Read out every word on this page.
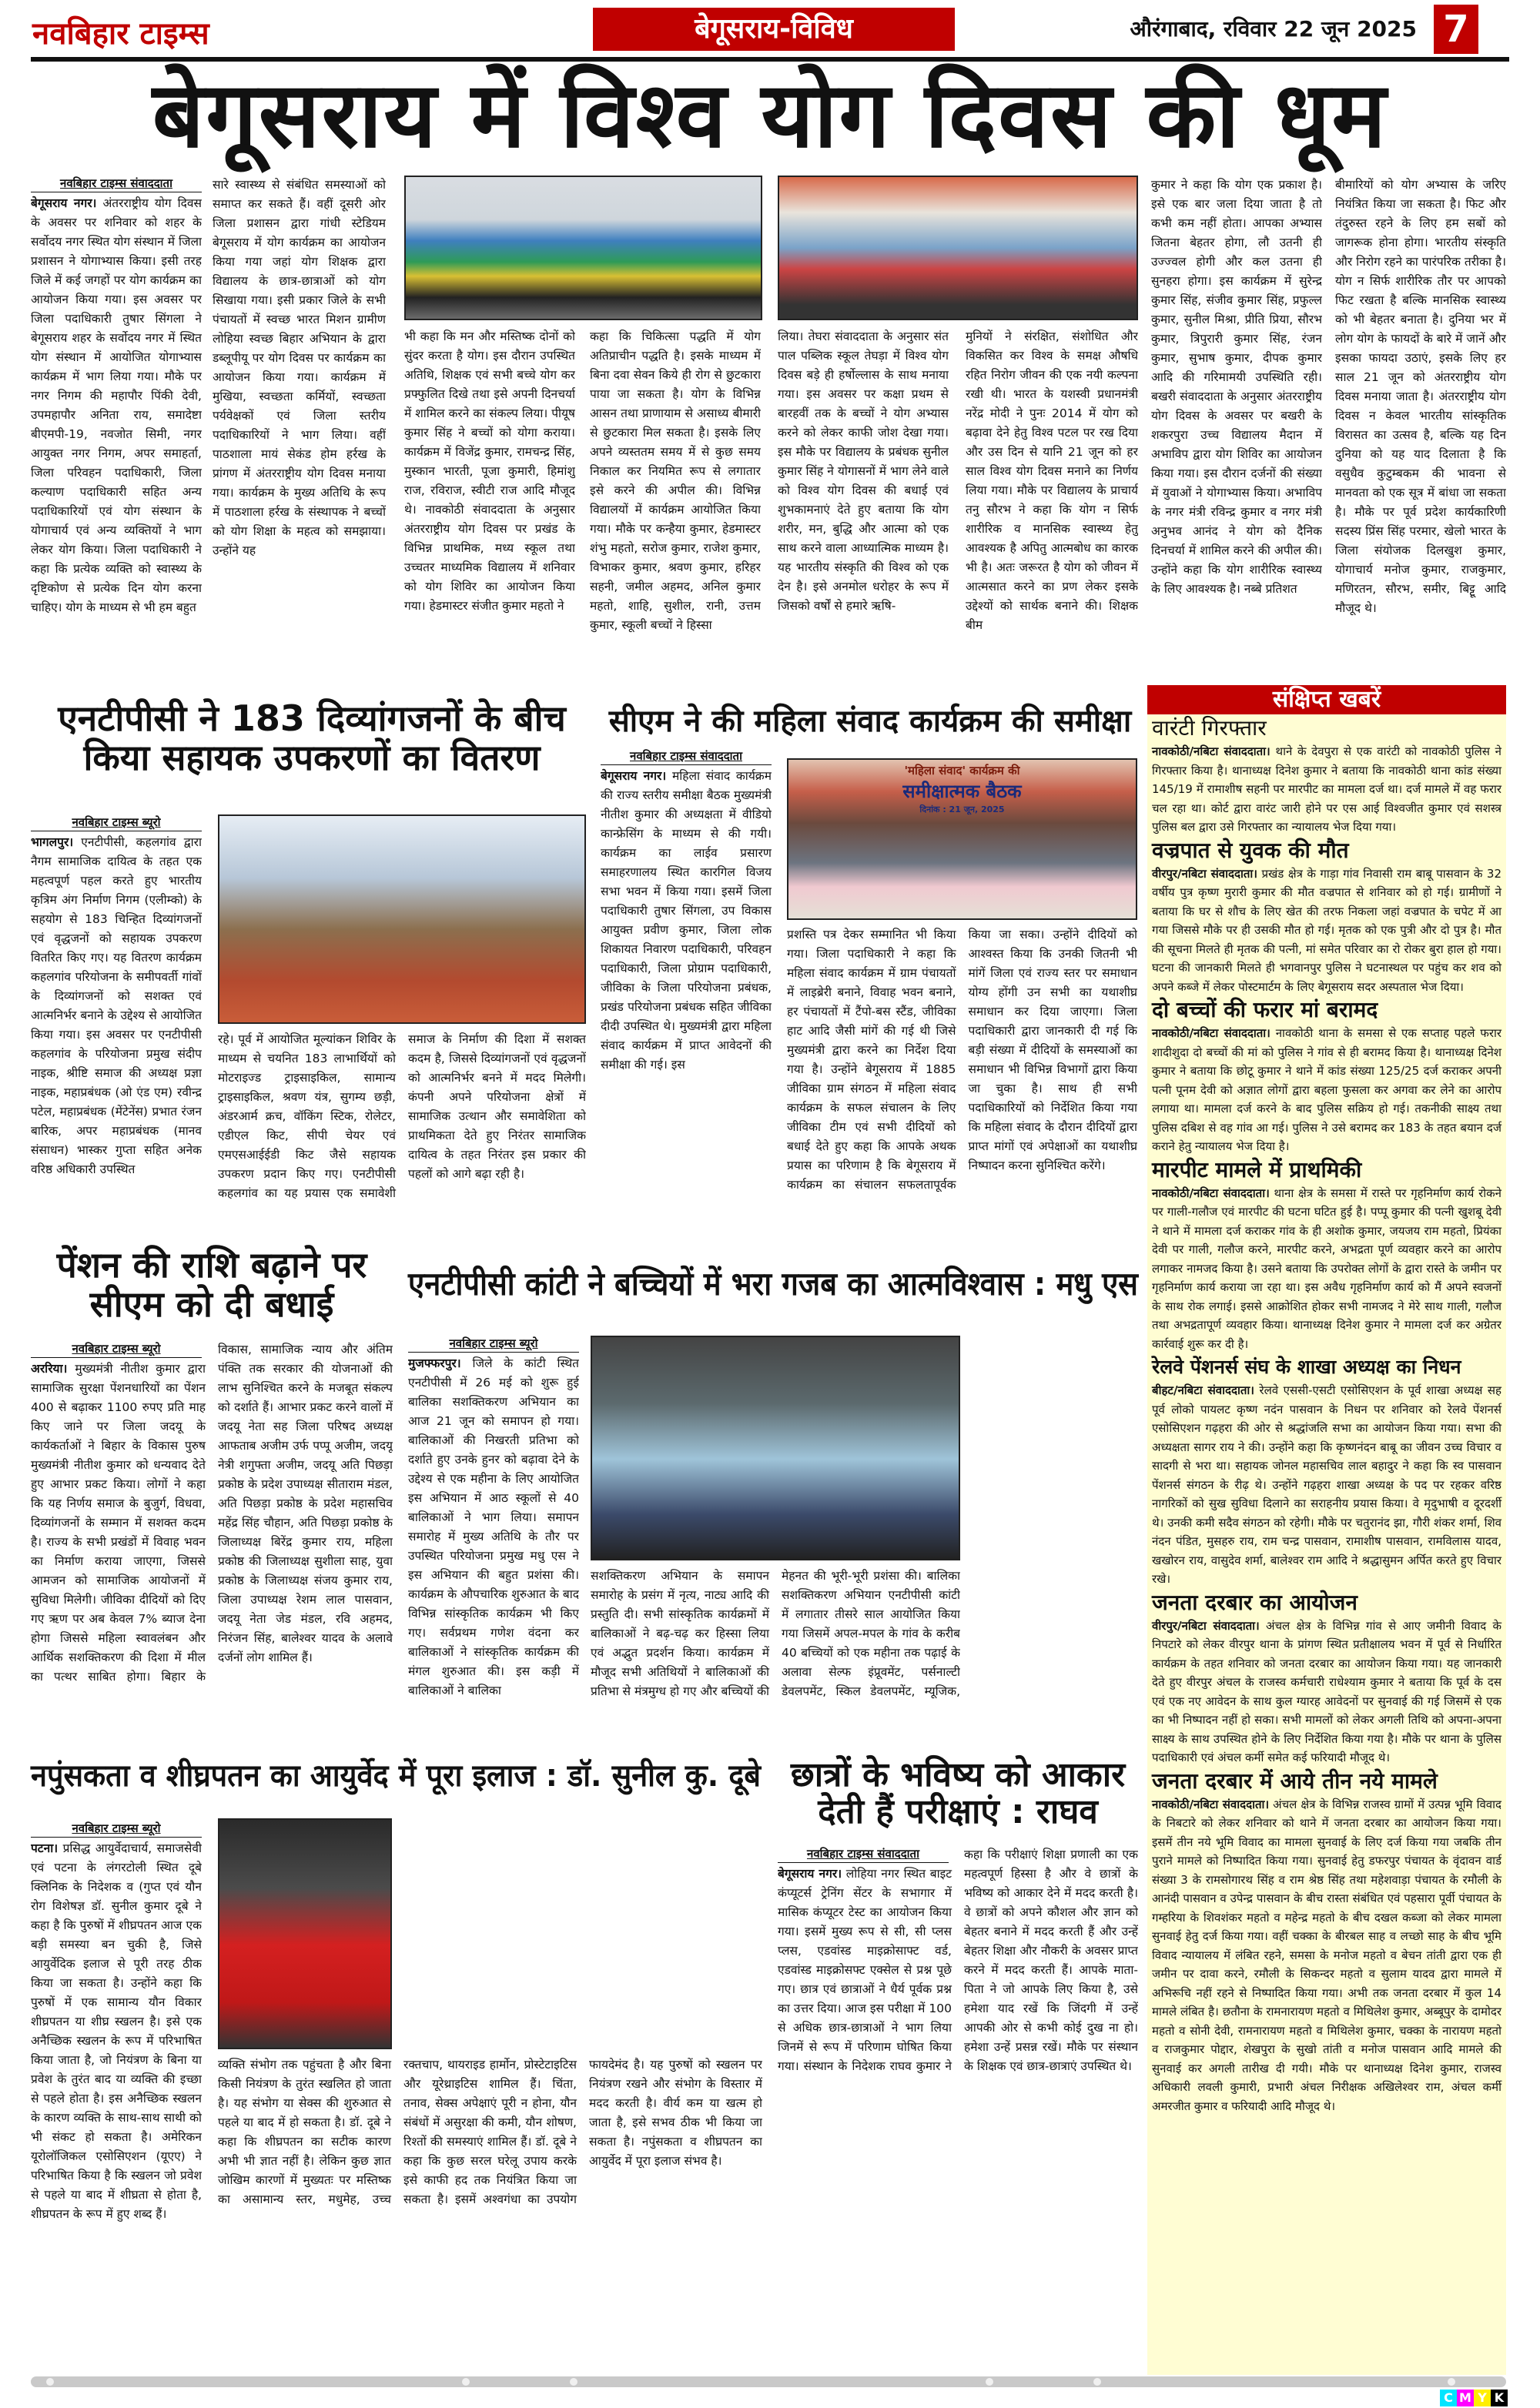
नवबिहार टाइम्स	बेगूसराय-विविध	औरंगाबाद, रविवार 22 जून 2025 7
बेगूसराय में विश्व योग दिवस की धूम
नवबिहार टाइम्स संवाददाता
बेगूसराय नगर। अंतरराष्ट्रीय योग दिवस के अवसर पर शनिवार को शहर के सर्वोदय नगर स्थित योग संस्थान में जिला प्रशासन ने योगाभ्यास किया। इसी तरह जिले में कई जगहों पर योग कार्यक्रम का आयोजन किया गया। इस अवसर पर जिला पदाधिकारी तुषार सिंगला ने बेगूसराय शहर के सर्वोदय नगर में स्थित योग संस्थान में आयोजित योगाभ्यास कार्यक्रम में भाग लिया गया। मौके पर नगर निगम की महापौर पिंकी देवी, उपमहापौर अनिता राय, समादेष्टा बीएमपी-19, नवजोत सिमी, नगर आयुक्त नगर निगम, अपर समाहर्ता, जिला परिवहन पदाधिकारी, जिला कल्याण पदाधिकारी सहित अन्य पदाधिकारियों एवं योग संस्थान के योगाचार्य एवं अन्य व्यक्तियों ने भाग लेकर योग किया। जिला पदाधिकारी ने कहा कि प्रत्येक व्यक्ति को स्वास्थ्य के दृष्टिकोण से प्रत्येक दिन योग करना चाहिए। योग के माध्यम से भी हम बहुत
सारे स्वास्थ्य से संबंधित समस्याओं को समाप्त कर सकते हैं। वहीं दूसरी ओर जिला प्रशासन द्वारा गांधी स्टेडियम बेगूसराय में योग कार्यक्रम का आयोजन किया गया जहां योग शिक्षक द्वारा विद्यालय के छात्र-छात्राओं को योग सिखाया गया। इसी प्रकार जिले के सभी पंचायतों में स्वच्छ भारत मिशन ग्रामीण लोहिया स्वच्छ बिहार अभियान के द्वारा डब्लूपीयू पर योग दिवस पर कार्यक्रम का आयोजन किया गया। कार्यक्रम में मुखिया, स्वच्छता कर्मियों, स्वच्छता पर्यवेक्षकों एवं जिला स्तरीय पदाधिकारियों ने भाग लिया। वहीं पाठशाला मायं सेकंड होम हर्रख के प्रांगण में अंतरराष्ट्रीय योग दिवस मनाया गया। कार्यक्रम के मुख्य अतिथि के रूप में पाठशाला हर्रख के संस्थापक ने बच्चों को योग शिक्षा के महत्व को समझाया। उन्होंने यह
भी कहा कि मन और मस्तिष्क दोनों को सुंदर करता है योग। इस दौरान उपस्थित अतिथि, शिक्षक एवं सभी बच्चे योग कर प्रफ्फुलित दिखे तथा इसे अपनी दिनचर्या में शामिल करने का संकल्प लिया। पीयूष कुमार सिंह ने बच्चों को योगा कराया। कार्यक्रम में विजेंद्र कुमार, रामचन्द्र सिंह, मुस्कान भारती, पूजा कुमारी, हिमांशु राज, रविराज, स्वीटी राज आदि मौजूद थे। नावकोठी संवाददाता के अनुसार अंतरराष्ट्रीय योग दिवस पर प्रखंड के विभिन्न प्राथमिक, मध्य स्कूल तथा उच्चतर माध्यमिक विद्यालय में शनिवार को योग शिविर का आयोजन किया गया। हेडमास्टर संजीत कुमार महतो ने
कहा कि चिकित्सा पद्धति में योग अतिप्राचीन पद्धति है। इसके माध्यम में बिना दवा सेवन किये ही रोग से छुटकारा पाया जा सकता है। योग के विभिन्न आसन तथा प्राणायाम से असाध्य बीमारी से छुटकारा मिल सकता है। इसके लिए अपने व्यस्ततम समय में से कुछ समय निकाल कर नियमित रूप से लगातार इसे करने की अपील की। विभिन्न विद्यालयों में कार्यक्रम आयोजित किया गया। मौके पर कन्हैया कुमार, हेडमास्टर शंभु महतो, सरोज कुमार, राजेश कुमार, विभाकर कुमार, श्रवण कुमार, हरिहर सहनी, जमील अहमद, अनिल कुमार महतो, शाहि, सुशील, रानी, उत्तम कुमार, स्कूली बच्चों ने हिस्सा
लिया। तेघरा संवाददाता के अनुसार संत पाल पब्लिक स्कूल तेघड़ा में विश्व योग दिवस बड़े ही हर्षोल्लास के साथ मनाया गया। इस अवसर पर कक्षा प्रथम से बारहवीं तक के बच्चों ने योग अभ्यास करने को लेकर काफी जोश देखा गया। इस मौके पर विद्यालय के प्रबंधक सुनील कुमार सिंह ने योगासनों में भाग लेने वाले को विश्व योग दिवस की बधाई एवं शुभकामनाएं देते हुए बताया कि योग शरीर, मन, बुद्धि और आत्मा को एक साथ करने वाला आध्यात्मिक माध्यम है। यह भारतीय संस्कृति की विश्व को एक देन है। इसे अनमोल धरोहर के रूप में जिसको वर्षों से हमारे ऋषि-
मुनियों ने संरक्षित, संशोधित और विकसित कर विश्व के समक्ष औषधि रहित निरोग जीवन की एक नयी कल्पना रखी थी। भारत के यशस्वी प्रधानमंत्री नरेंद्र मोदी ने पुनः 2014 में योग को बढ़ावा देने हेतु विश्व पटल पर रख दिया और उस दिन से यानि 21 जून को हर साल विश्व योग दिवस मनाने का निर्णय लिया गया। मौके पर विद्यालय के प्राचार्य तनु सौरभ ने कहा कि योग न सिर्फ शारीरिक व मानसिक स्वास्थ्य हेतु आवश्यक है अपितु आत्मबोध का कारक भी है। अतः जरूरत है योग को जीवन में आत्मसात करने का प्रण लेकर इसके उद्देश्यों को सार्थक बनाने की। शिक्षक बीम
कुमार ने कहा कि योग एक प्रकाश है। इसे एक बार जला दिया जाता है तो कभी कम नहीं होता। आपका अभ्यास जितना बेहतर होगा, लौ उतनी ही उज्ज्वल होगी और कल उतना ही सुनहरा होगा। इस कार्यक्रम में सुरेन्द्र कुमार सिंह, संजीव कुमार सिंह, प्रफुल्ल कुमार, सुनील मिश्रा, प्रीति प्रिया, सौरभ कुमार, त्रिपुरारी कुमार सिंह, रंजन कुमार, सुभाष कुमार, दीपक कुमार आदि की गरिमामयी उपस्थिति रही। बखरी संवाददाता के अनुसार अंतरराष्ट्रीय योग दिवस के अवसर पर बखरी के शकरपुरा उच्च विद्यालय मैदान में अभाविप द्वारा योग शिविर का आयोजन किया गया। इस दौरान दर्जनों की संख्या में युवाओं ने योगाभ्यास किया। अभाविप के नगर मंत्री रविन्द्र कुमार व नगर मंत्री अनुभव आनंद ने योग को दैनिक दिनचर्या में शामिल करने की अपील की। उन्होंने कहा कि योग शारीरिक स्वास्थ्य के लिए आवश्यक है। नब्बे प्रतिशत
बीमारियों को योग अभ्यास के जरिए नियंत्रित किया जा सकता है। फिट और तंदुरुस्त रहने के लिए हम सबों को जागरूक होना होगा। भारतीय संस्कृति और निरोग रहने का पारंपरिक तरीका है। योग न सिर्फ शारीरिक तौर पर आपको फिट रखता है बल्कि मानसिक स्वास्थ्य को भी बेहतर बनाता है। दुनिया भर में लोग योग के फायदों के बारे में जानें और इसका फायदा उठाएं, इसके लिए हर साल 21 जून को अंतरराष्ट्रीय योग दिवस मनाया जाता है। अंतरराष्ट्रीय योग दिवस न केवल भारतीय सांस्कृतिक विरासत का उत्सव है, बल्कि यह दिन दुनिया को यह याद दिलाता है कि वसुधैव कुटुम्बकम की भावना से मानवता को एक सूत्र में बांधा जा सकता है। मौके पर पूर्व प्रदेश कार्यकारिणी सदस्य प्रिंस सिंह परमार, खेलो भारत के जिला संयोजक दिलखुश कुमार, योगाचार्य मनोज कुमार, राजकुमार, मणिरतन, सौरभ, समीर, बिट्टू आदि मौजूद थे।
एनटीपीसी ने 183 दिव्यांगजनों के बीच
किया सहायक उपकरणों का वितरण
नवबिहार टाइम्स ब्यूरो
भागलपुर। एनटीपीसी, कहलगांव द्वारा नैगम सामाजिक दायित्व के तहत एक महत्वपूर्ण पहल करते हुए भारतीय कृत्रिम अंग निर्माण निगम (एलीम्को) के सहयोग से 183 चिन्हित दिव्यांगजनों एवं वृद्धजनों को सहायक उपकरण वितरित किए गए। यह वितरण कार्यक्रम कहलगांव परियोजना के समीपवर्ती गांवों के दिव्यांगजनों को सशक्त एवं आत्मनिर्भर बनाने के उद्देश्य से आयोजित किया गया। इस अवसर पर एनटीपीसी कहलगांव के परियोजना प्रमुख संदीप नाइक, श्रीष्टि समाज की अध्यक्ष प्रज्ञा नाइक, महाप्रबंधक (ओ एंड एम) रवीन्द्र पटेल, महाप्रबंधक (मेंटेनेंस) प्रभात रंजन बारिक, अपर महाप्रबंधक (मानव संसाधन) भास्कर गुप्ता सहित अनेक वरिष्ठ अधिकारी उपस्थित
रहे। पूर्व में आयोजित मूल्यांकन शिविर के माध्यम से चयनित 183 लाभार्थियों को मोटराइज्ड ट्राइसाइकिल, सामान्य ट्राइसाइकिल, श्रवण यंत्र, सुगम्य छड़ी, अंडरआर्म क्रच, वॉकिंग स्टिक, रोलेटर, एडीएल किट, सीपी चेयर एवं एमएसआईईडी किट जैसे सहायक उपकरण प्रदान किए गए। एनटीपीसी कहलगांव का यह प्रयास एक समावेशी समाज के निर्माण की दिशा में सशक्त कदम है, जिससे दिव्यांगजनों एवं वृद्धजनों को आत्मनिर्भर बनने में मदद मिलेगी। कंपनी अपने परियोजना क्षेत्रों में सामाजिक उत्थान और समावेशिता को प्राथमिकता देते हुए निरंतर सामाजिक दायित्व के तहत निरंतर इस प्रकार की पहलों को आगे बढ़ा रही है।
सीएम ने की महिला संवाद कार्यक्रम की समीक्षा
नवबिहार टाइम्स संवाददाता
बेगूसराय नगर। महिला संवाद कार्यक्रम की राज्य स्तरीय समीक्षा बैठक मुख्यमंत्री नीतीश कुमार की अध्यक्षता में वीडियो कान्फ्रेसिंग के माध्यम से की गयी। कार्यक्रम का लाईव प्रसारण समाहरणालय स्थित कारगिल विजय सभा भवन में किया गया। इसमें जिला पदाधिकारी तुषार सिंगला, उप विकास आयुक्त प्रवीण कुमार, जिला लोक शिकायत निवारण पदाधिकारी, परिवहन पदाधिकारी, जिला प्रोग्राम पदाधिकारी, जीविका के जिला परियोजना प्रबंधक, प्रखंड परियोजना प्रबंधक सहित जीविका दीदी उपस्थित थे। मुख्यमंत्री द्वारा महिला संवाद कार्यक्रम में प्राप्त आवेदनों की समीक्षा की गई। इस
'महिला संवाद' कार्यक्रम की
समीक्षात्मक बैठक
दिनांक : 21 जून, 2025
प्रशस्ति पत्र देकर सम्मानित भी किया गया। जिला पदाधिकारी ने कहा कि महिला संवाद कार्यक्रम में ग्राम पंचायतों में लाइब्रेरी बनाने, विवाह भवन बनाने, हर पंचायतों में टैंपो-बस स्टैंड, जीविका हाट आदि जैसी मांगें की गई थी जिसे मुख्यमंत्री द्वारा करने का निर्देश दिया गया है। उन्होंने बेगूसराय में 1885 जीविका ग्राम संगठन में महिला संवाद कार्यक्रम के सफल संचालन के लिए जीविका टीम एवं सभी दीदियों को बधाई देते हुए कहा कि आपके अथक प्रयास का परिणाम है कि बेगूसराय में कार्यक्रम का संचालन सफलतापूर्वक किया जा सका। उन्होंने दीदियों को आश्वस्त किया कि उनकी जितनी भी मांगें जिला एवं राज्य स्तर पर समाधान योग्य होंगी उन सभी का यथाशीघ्र समाधान कर दिया जाएगा। जिला पदाधिकारी द्वारा जानकारी दी गई कि बड़ी संख्या में दीदियों के समस्याओं का समाधान भी विभिन्न विभागों द्वारा किया जा चुका है। साथ ही सभी पदाधिकारियों को निर्देशित किया गया कि महिला संवाद के दौरान दीदियों द्वारा प्राप्त मांगों एवं अपेक्षाओं का यथाशीघ्र निष्पादन करना सुनिश्चित करेंगे।
पेंशन की राशि बढ़ाने पर
सीएम को दी बधाई
नवबिहार टाइम्स ब्यूरो
अररिया। मुख्यमंत्री नीतीश कुमार द्वारा सामाजिक सुरक्षा पेंशनधारियों का पेंशन 400 से बढ़ाकर 1100 रुपए प्रति माह किए जाने पर जिला जदयू के कार्यकर्ताओं ने बिहार के विकास पुरुष मुख्यमंत्री नीतीश कुमार को धन्यवाद देते हुए आभार प्रकट किया। लोगों ने कहा कि यह निर्णय समाज के बुजुर्ग, विधवा, दिव्यांगजनों के सम्मान में सशक्त कदम है। राज्य के सभी प्रखंडों में विवाह भवन का निर्माण कराया जाएगा, जिससे आमजन को सामाजिक आयोजनों में सुविधा मिलेगी। जीविका दीदियों को दिए गए ऋण पर अब केवल 7% ब्याज देना होगा जिससे महिला स्वावलंबन और आर्थिक सशक्तिकरण की दिशा में मील का पत्थर साबित होगा। बिहार के विकास, सामाजिक न्याय और अंतिम पंक्ति तक सरकार की योजनाओं की लाभ सुनिश्चित करने के मजबूत संकल्प को दर्शाते हैं। आभार प्रकट करने वालों में जदयू नेता सह जिला परिषद अध्यक्ष आफताब अजीम उर्फ पप्पू अजीम, जदयू नेत्री शगुफ्ता अजीम, जदयू अति पिछड़ा प्रकोष्ठ के प्रदेश उपाध्यक्ष सीताराम मंडल, अति पिछड़ा प्रकोष्ठ के प्रदेश महासचिव महेंद्र सिंह चौहान, अति पिछड़ा प्रकोष्ठ के जिलाध्यक्ष बिरेंद्र कुमार राय, महिला प्रकोष्ठ की जिलाध्यक्ष सुशीला साह, युवा प्रकोष्ठ के जिलाध्यक्ष संजय कुमार राय, जिला उपाध्यक्ष रेशम लाल पासवान, जदयू नेता जेड मंडल, रवि अहमद, निरंजन सिंह, बालेश्वर यादव के अलावे दर्जनों लोग शामिल हैं।
एनटीपीसी कांटी ने बच्चियों में भरा गजब का आत्मविश्वास : मधु एस
नवबिहार टाइम्स ब्यूरो
मुजफ्फरपुर। जिले के कांटी स्थित एनटीपीसी में 26 मई को शुरू हुई बालिका सशक्तिकरण अभियान का आज 21 जून को समापन हो गया। बालिकाओं की निखरती प्रतिभा को दर्शाते हुए उनके हुनर को बढ़ावा देने के उद्देश्य से एक महीना के लिए आयोजित इस अभियान में आठ स्कूलों से 40 बालिकाओं ने भाग लिया। समापन समारोह में मुख्य अतिथि के तौर पर उपस्थित परियोजना प्रमुख मधु एस ने इस अभियान की बहुत प्रशंसा की। कार्यक्रम के औपचारिक शुरुआत के बाद विभिन्न सांस्कृतिक कार्यक्रम भी किए गए। सर्वप्रथम गणेश वंदना कर बालिकाओं ने सांस्कृतिक कार्यक्रम की मंगल शुरुआत की। इस कड़ी में बालिकाओं ने बालिका
सशक्तिकरण अभियान के समापन समारोह के प्रसंग में नृत्य, नाट्य आदि की प्रस्तुति दी। सभी सांस्कृतिक कार्यक्रमों में बालिकाओं ने बढ़-चढ़ कर हिस्सा लिया एवं अद्भुत प्रदर्शन किया। कार्यक्रम में मौजूद सभी अतिथियों ने बालिकाओं की प्रतिभा से मंत्रमुग्ध हो गए और बच्चियों की मेहनत की भूरी-भूरी प्रशंसा की। बालिका सशक्तिकरण अभियान एनटीपीसी कांटी में लगातार तीसरे साल आयोजित किया गया जिसमें अपल-मपल के गांव के करीब 40 बच्चियों को एक महीना तक पढ़ाई के अलावा सेल्फ इंप्रूवमेंट, पर्सनाल्टी डेवलपमेंट, स्किल डेवलपमेंट, म्यूजिक,
नपुंसकता व शीघ्रपतन का आयुर्वेद में पूरा इलाज : डॉ. सुनील कु. दूबे
नवबिहार टाइम्स ब्यूरो
पटना। प्रसिद्ध आयुर्वेदाचार्य, समाजसेवी एवं पटना के लंगरटोली स्थित दूबे क्लिनिक के निदेशक व (गुप्त एवं यौन रोग विशेषज्ञ डॉ. सुनील कुमार दूबे ने कहा है कि पुरुषों में शीघ्रपतन आज एक बड़ी समस्या बन चुकी है, जिसे आयुर्वेदिक इलाज से पूरी तरह ठीक किया जा सकता है। उन्होंने कहा कि पुरुषों में एक सामान्य यौन विकार शीघ्रपतन या शीघ्र स्खलन है। इसे एक अनैच्छिक स्खलन के रूप में परिभाषित किया जाता है, जो नियंत्रण के बिना या प्रवेश के तुरंत बाद या व्यक्ति की इच्छा से पहले होता है। इस अनैच्छिक स्खलन के कारण व्यक्ति के साथ-साथ साथी को भी संकट हो सकता है। अमेरिकन यूरोलॉजिकल एसोसिएशन (यूएए) ने परिभाषित किया है कि स्खलन जो प्रवेश से पहले या बाद में शीघ्रता से होता है, शीघ्रपतन के रूप में हुए शब्द हैं।
व्यक्ति संभोग तक पहुंचता है और बिना किसी नियंत्रण के तुरंत स्खलित हो जाता है। यह संभोग या सेक्स की शुरुआत से पहले या बाद में हो सकता है। डॉ. दूबे ने कहा कि शीघ्रपतन का सटीक कारण अभी भी ज्ञात नहीं है। लेकिन कुछ ज्ञात जोखिम कारणों में मुख्यतः पर मस्तिष्क का असामान्य स्तर, मधुमेह, उच्च रक्तचाप, थायराइड हार्मोन, प्रोस्टेटाइटिस और यूरेथ्राइटिस शामिल हैं। चिंता, तनाव, सेक्स अपेक्षाएं पूरी न होना, यौन संबंधों में असुरक्षा की कमी, यौन शोषण, रिश्तों की समस्याएं शामिल हैं। डॉ. दूबे ने कहा कि कुछ सरल घरेलू उपाय करके इसे काफी हद तक नियंत्रित किया जा सकता है। इसमें अश्वगंधा का उपयोग फायदेमंद है। यह पुरुषों को स्खलन पर नियंत्रण रखने और संभोग के विस्तार में मदद करती है। वीर्य कम या खत्म हो जाता है, इसे सभव ठीक भी किया जा सकता है। नपुंसकता व शीघ्रपतन का आयुर्वेद में पूरा इलाज संभव है।
छात्रों के भविष्य को आकार
देती हैं परीक्षाएं : राघव
नवबिहार टाइम्स संवाददाता
बेगूसराय नगर। लोहिया नगर स्थित बाइट कंप्यूटर्स ट्रेनिंग सेंटर के सभागार में मासिक कंप्यूटर टेस्ट का आयोजन किया गया। इसमें मुख्य रूप से सी, सी प्लस प्लस, एडवांस्ड माइक्रोसाफ्ट वर्ड, एडवांस्ड माइक्रोसफ्ट एक्सेल से प्रश्न पूछे गए। छात्र एवं छात्राओं ने धैर्य पूर्वक प्रश्न का उत्तर दिया। आज इस परीक्षा में 100 से अधिक छात्र-छात्राओं ने भाग लिया जिनमें से रूप में परिणाम घोषित किया गया। संस्थान के निदेशक राघव कुमार ने कहा कि परीक्षाएं शिक्षा प्रणाली का एक महत्वपूर्ण हिस्सा है और वे छात्रों के भविष्य को आकार देने में मदद करती है। वे छात्रों को अपने कौशल और ज्ञान को बेहतर बनाने में मदद करती हैं और उन्हें बेहतर शिक्षा और नौकरी के अवसर प्राप्त करने में मदद करती हैं। आपके माता-पिता ने जो आपके लिए किया है, उसे हमेशा याद रखें कि जिंदगी में उन्हें आपकी ओर से कभी कोई दुख ना हो। हमेशा उन्हें प्रसन्न रखें। मौके पर संस्थान के शिक्षक एवं छात्र-छात्राएं उपस्थित थे।
संक्षिप्त खबरें
वारंटी गिरफ्तार
नावकोठी/नबिटा संवाददाता। थाने के देवपुरा से एक वारंटी को नावकोठी पुलिस ने गिरफ्तार किया है। थानाध्यक्ष दिनेश कुमार ने बताया कि नावकोठी थाना कांड संख्या 145/19 में रामाशीष सहनी पर मारपीट का मामला दर्ज था। दर्ज मामले में वह फरार चल रहा था। कोर्ट द्वारा वारंट जारी होने पर एस आई विश्वजीत कुमार एवं सशस्त्र पुलिस बल द्वारा उसे गिरफ्तार का न्यायालय भेज दिया गया।
वज्रपात से युवक की मौत
वीरपुर/नबिटा संवाददाता। प्रखंड क्षेत्र के गाड़ा गांव निवासी राम बाबू पासवान के 32 वर्षीय पुत्र कृष्ण मुरारी कुमार की मौत वज्रपात से शनिवार को हो गई। ग्रामीणों ने बताया कि घर से शौच के लिए खेत की तरफ निकला जहां वज्रपात के चपेट में आ गया जिससे मौके पर ही उसकी मौत हो गई। मृतक को एक पुत्री और दो पुत्र है। मौत की सूचना मिलते ही मृतक की पत्नी, मां समेत परिवार का रो रोकर बुरा हाल हो गया। घटना की जानकारी मिलते ही भगवानपुर पुलिस ने घटनास्थल पर पहुंच कर शव को अपने कब्जे में लेकर पोस्टमार्टम के लिए बेगूसराय सदर अस्पताल भेज दिया।
दो बच्चों की फरार मां बरामद
नावकोठी/नबिटा संवाददाता। नावकोठी थाना के समसा से एक सप्ताह पहले फरार शादीशुदा दो बच्चों की मां को पुलिस ने गांव से ही बरामद किया है। थानाध्यक्ष दिनेश कुमार ने बताया कि छोटू कुमार ने थाने में कांड संख्या 125/25 दर्ज कराकर अपनी पत्नी पूनम देवी को अज्ञात लोगों द्वारा बहला फुसला कर अगवा कर लेने का आरोप लगाया था। मामला दर्ज करने के बाद पुलिस सक्रिय हो गई। तकनीकी साक्ष्य तथा पुलिस दबिश से वह गांव आ गई। पुलिस ने उसे बरामद कर 183 के तहत बयान दर्ज कराने हेतु न्यायालय भेज दिया है।
मारपीट मामले में प्राथमिकी
नावकोठी/नबिटा संवाददाता। थाना क्षेत्र के समसा में रास्ते पर गृहनिर्माण कार्य रोकने पर गाली-गलौज एवं मारपीट की घटना घटित हुई है। पप्पू कुमार की पत्नी खुशबू देवी ने थाने में मामला दर्ज कराकर गांव के ही अशोक कुमार, जयजय राम महतो, प्रियंका देवी पर गाली, गलौज करने, मारपीट करने, अभद्रता पूर्ण व्यवहार करने का आरोप लगाकर नामजद किया है। उसने बताया कि उपरोक्त लोगों के द्वारा रास्ते के जमीन पर गृहनिर्माण कार्य कराया जा रहा था। इस अवैध गृहनिर्माण कार्य को मैं अपने स्वजनों के साथ रोक लगाई। इससे आक्रोशित होकर सभी नामजद ने मेरे साथ गाली, गलौज तथा अभद्रतापूर्ण व्यवहार किया। थानाध्यक्ष दिनेश कुमार ने मामला दर्ज कर अग्रेतर कार्रवाई शुरू कर दी है।
रेलवे पेंशनर्स संघ के शाखा अध्यक्ष का निधन
बीहट/नबिटा संवाददाता। रेलवे एससी-एसटी एसोसिएशन के पूर्व शाखा अध्यक्ष सह पूर्व लोको पायलट कृष्ण नदंन पासवान के निधन पर शनिवार को रेलवे पेंशनर्स एसोसिएशन गढ़हरा की ओर से श्रद्धांजलि सभा का आयोजन किया गया। सभा की अध्यक्षता सागर राय ने की। उन्होंने कहा कि कृष्णनंदन बाबू का जीवन उच्च विचार व सादगी से भरा था। सहायक जोनल महासचिव लाल बहादुर ने कहा कि स्व पासवान पेंशनर्स संगठन के रीढ़ थे। उन्होंने गढ़हरा शाखा अध्यक्ष के पद पर रहकर वरिष्ठ नागरिकों को सुख सुविधा दिलाने का सराहनीय प्रयास किया। वे मृदुभाषी व दूरदर्शी थे। उनकी कमी सदैव संगठन को रहेगी। मौके पर चतुरानंद झा, गौरी शंकर शर्मा, शिव नंदन पंडित, मुसहरु राय, राम चन्द्र पासवान, रामाशीष पासवान, रामविलास यादव, खखोरन राय, वासुदेव शर्मा, बालेश्वर राम आदि ने श्रद्धासुमन अर्पित करते हुए विचार रखे।
जनता दरबार का आयोजन
वीरपुर/नबिटा संवाददाता। अंचल क्षेत्र के विभिन्न गांव से आए जमीनी विवाद के निपटारे को लेकर वीरपुर थाना के प्रांगण स्थित प्रतीक्षालय भवन में पूर्व से निर्धारित कार्यक्रम के तहत शनिवार को जनता दरबार का आयोजन किया गया। यह जानकारी देते हुए वीरपुर अंचल के राजस्व कर्मचारी राधेश्याम कुमार ने बताया कि पूर्व के दस एवं एक नए आवेदन के साथ कुल ग्यारह आवेदनों पर सुनवाई की गई जिसमें से एक का भी निष्पादन नहीं हो सका। सभी मामलों को लेकर अगली तिथि को अपना-अपना साक्ष्य के साथ उपस्थित होने के लिए निर्देशित किया गया है। मौके पर थाना के पुलिस पदाधिकारी एवं अंचल कर्मी समेत कई फरियादी मौजूद थे।
जनता दरबार में आये तीन नये मामले
नावकोठी/नबिटा संवाददाता। अंचल क्षेत्र के विभिन्न राजस्व ग्रामों में उत्पन्न भूमि विवाद के निबटारे को लेकर शनिवार को थाने में जनता दरबार का आयोजन किया गया। इसमें तीन नये भूमि विवाद का मामला सुनवाई के लिए दर्ज किया गया जबकि तीन पुराने मामले को निष्पादित किया गया। सुनवाई हेतु डफरपुर पंचायत के वृंदावन वार्ड संख्या 3 के रामसोगारथ सिंह व राम श्रेष्ठ सिंह तथा महेशवाड़ा पंचायत के रमौली के आनंदी पासवान व उपेन्द्र पासवान के बीच रास्ता संबंधित एवं पहसारा पूर्वी पंचायत के गम्हरिया के शिवशंकर महतो व महेन्द्र महतो के बीच दखल कब्जा को लेकर मामला सुनवाई हेतु दर्ज किया गया। वहीं चक्का के बीरबल साह व लच्छो साह के बीच भूमि विवाद न्यायालय में लंबित रहने, समसा के मनोज महतो व बेचन तांती द्वारा एक ही जमीन पर दावा करने, रमौली के सिकन्दर महतो व सुलाम यादव द्वारा मामले में अभिरूचि नहीं रहने से निष्पादित किया गया। अभी तक जनता दरबार में कुल 14 मामले लंबित है। छतौना के रामनारायण महतो व मिथिलेश कुमार, अब्बूपुर के दामोदर महतो व सोनी देवी, रामनारायण महतो व मिथिलेश कुमार, चक्का के नारायण महतो व राजकुमार पोद्दार, शेखपुरा के सुखो तांती व मनोज पासवान आदि मामले की सुनवाई कर अगली तारीख दी गयी। मौके पर थानाध्यक्ष दिनेश कुमार, राजस्व अधिकारी लवली कुमारी, प्रभारी अंचल निरीक्षक अखिलेश्वर राम, अंचल कर्मी अमरजीत कुमार व फरियादी आदि मौजूद थे।
C M Y K
